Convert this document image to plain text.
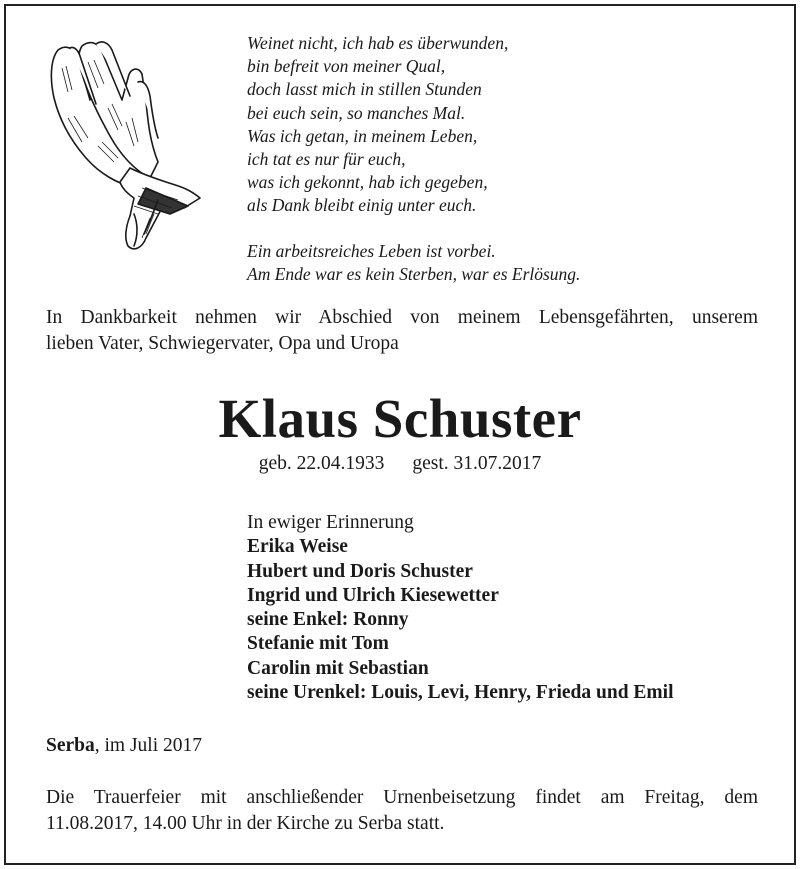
Weinet nicht, ich hab es überwunden,
bin befreit von meiner Qual,
doch lasst mich in stillen Stunden
bei euch sein, so manches Mal.
Was ich getan, in meinem Leben,
ich tat es nur für euch,
was ich gekonnt, hab ich gegeben,
als Dank bleibt einig unter euch.
Ein arbeitsreiches Leben ist vorbei.
Am Ende war es kein Sterben, war es Erlösung.
In Dankbarkeit nehmen wir Abschied von meinem Lebensgefährten, unserem
lieben Vater, Schwiegervater, Opa und Uropa
Klaus Schuster
geb. 22.04.1933 gest. 31.07.2017
In ewiger Erinnerung
Erika Weise
Hubert und Doris Schuster
Ingrid und Ulrich Kiesewetter
seine Enkel: Ronny
Stefanie mit Tom
Carolin mit Sebastian
seine Urenkel: Louis, Levi, Henry, Frieda und Emil
Serba, im Juli 2017
Die Trauerfeier mit anschließender Urnenbeisetzung findet am Freitag, dem
11.08.2017, 14.00 Uhr in der Kirche zu Serba statt.
